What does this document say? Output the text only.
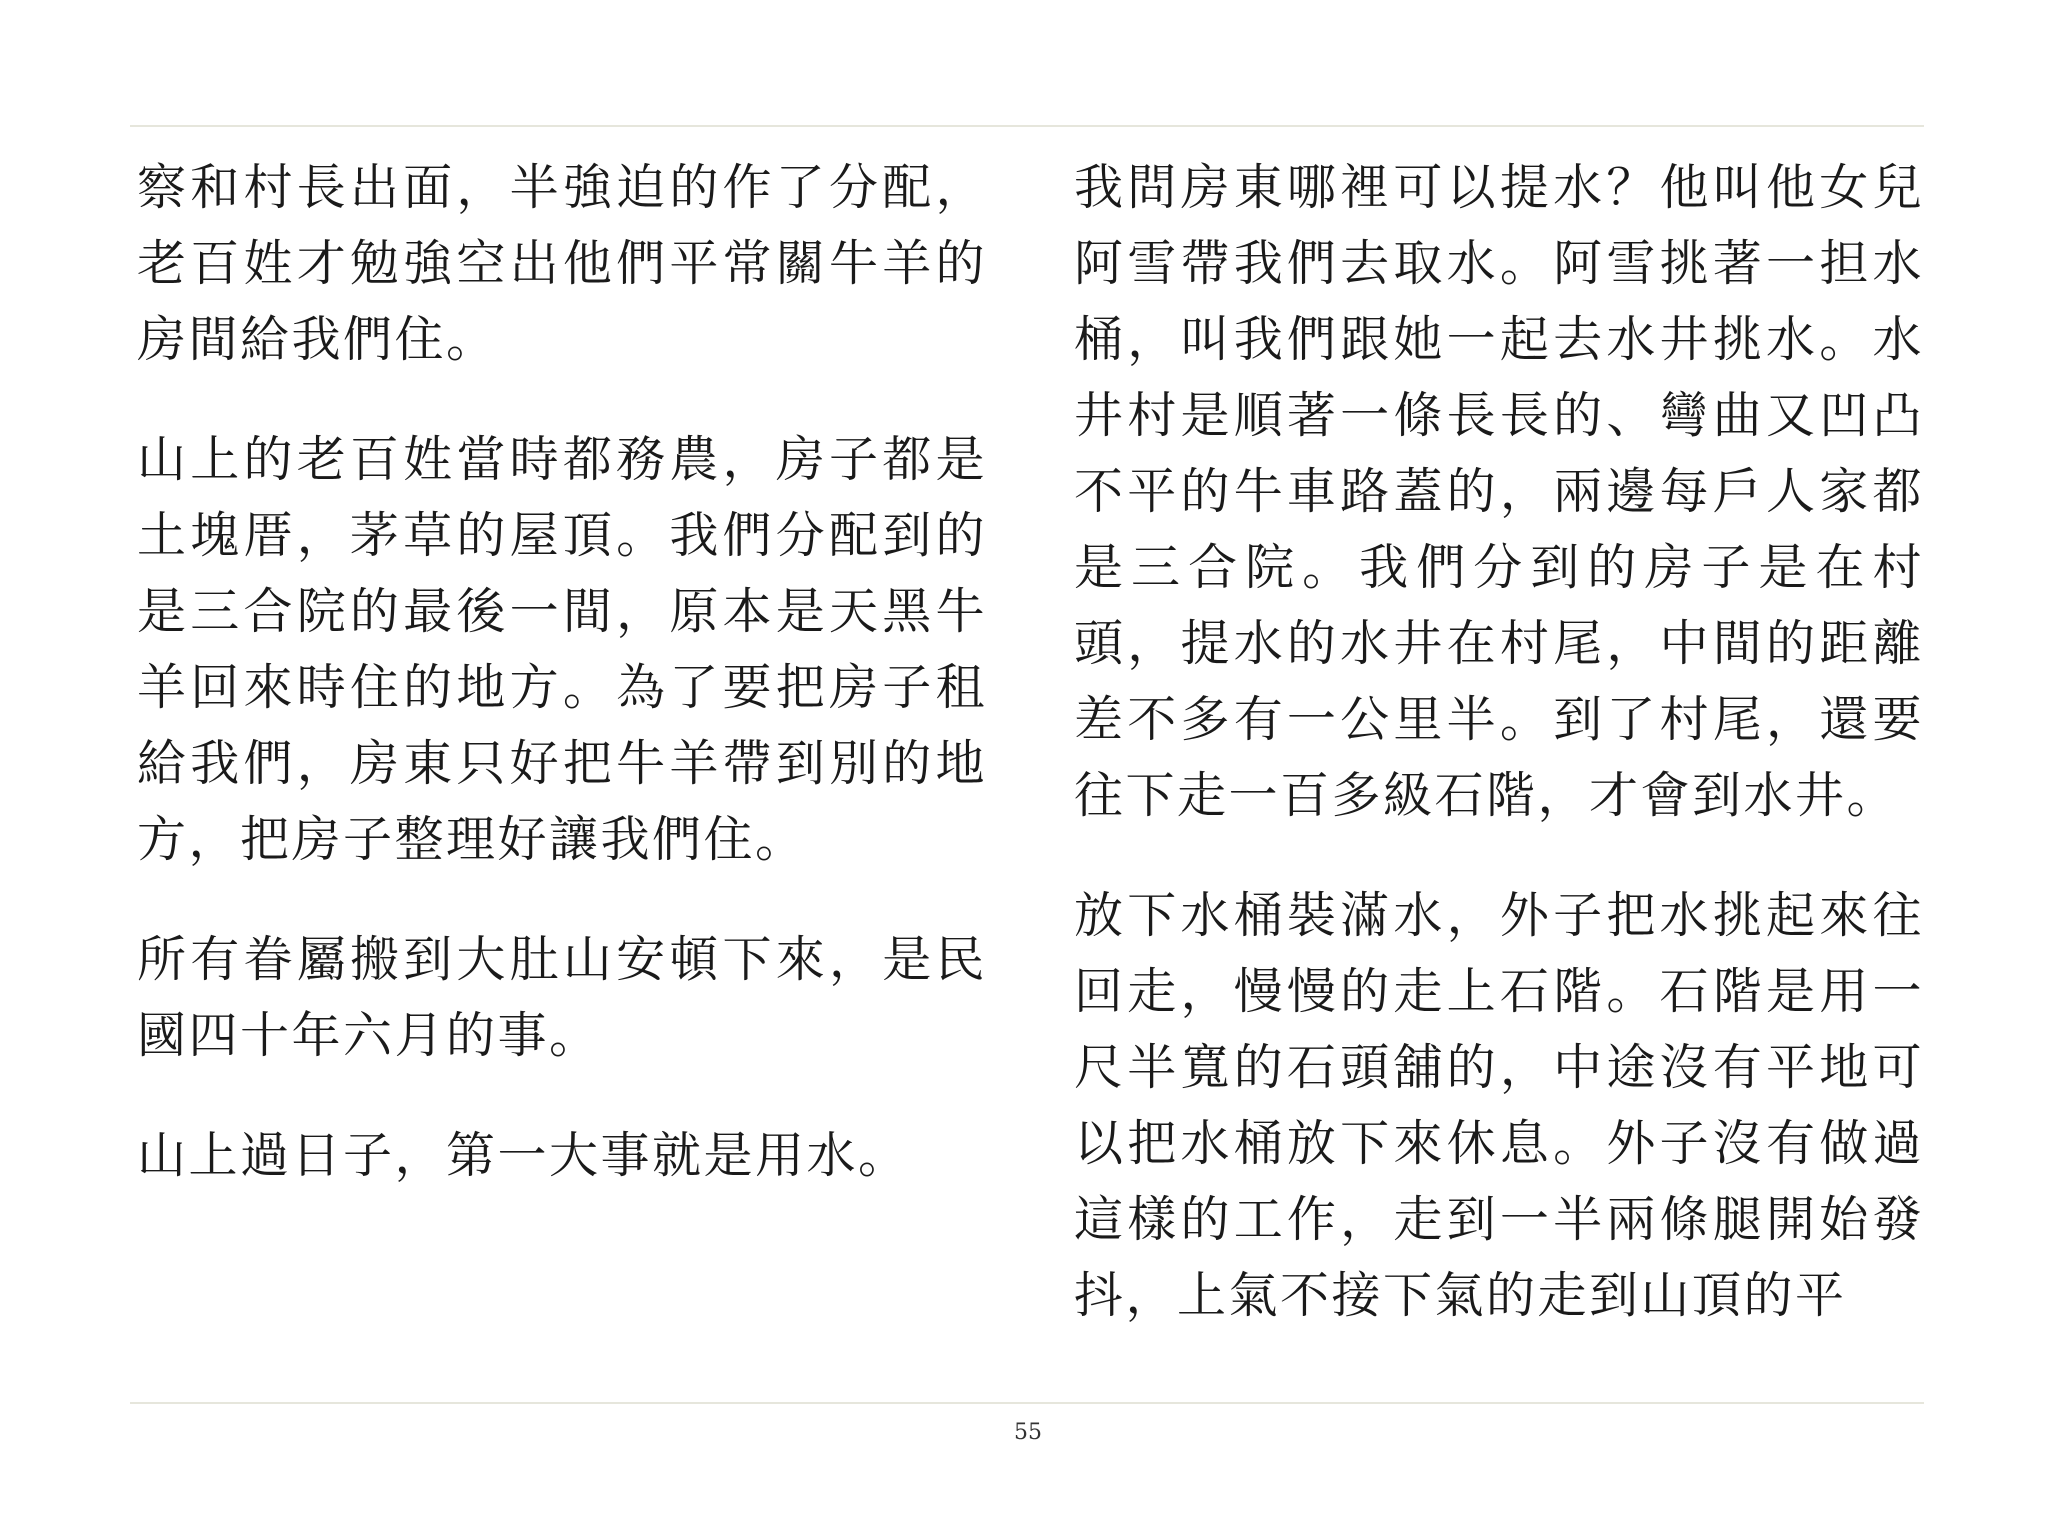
察和村長出面，半強迫的作了分配，老百姓才勉強空出他們平常關牛羊的房間給我們住。

山上的老百姓當時都務農，房子都是土塊厝，茅草的屋頂。我們分配到的是三合院的最後一間，原本是天黑牛羊回來時住的地方。為了要把房子租給我們，房東只好把牛羊帶到別的地方，把房子整理好讓我們住。

所有眷屬搬到大肚山安頓下來，是民國四十年六月的事。

山上過日子，第一大事就是用水。

我問房東哪裡可以提水？他叫他女兒阿雪帶我們去取水。阿雪挑著一担水桶，叫我們跟她一起去水井挑水。水井村是順著一條長長的、彎曲又凹凸不平的牛車路蓋的，兩邊每戶人家都是三合院。我們分到的房子是在村頭，提水的水井在村尾，中間的距離差不多有一公里半。到了村尾，還要往下走一百多級石階，才會到水井。

放下水桶裝滿水，外子把水挑起來往回走，慢慢的走上石階。石階是用一尺半寬的石頭舖的，中途沒有平地可以把水桶放下來休息。外子沒有做過這樣的工作，走到一半兩條腿開始發抖，上氣不接下氣的走到山頂的平

55
